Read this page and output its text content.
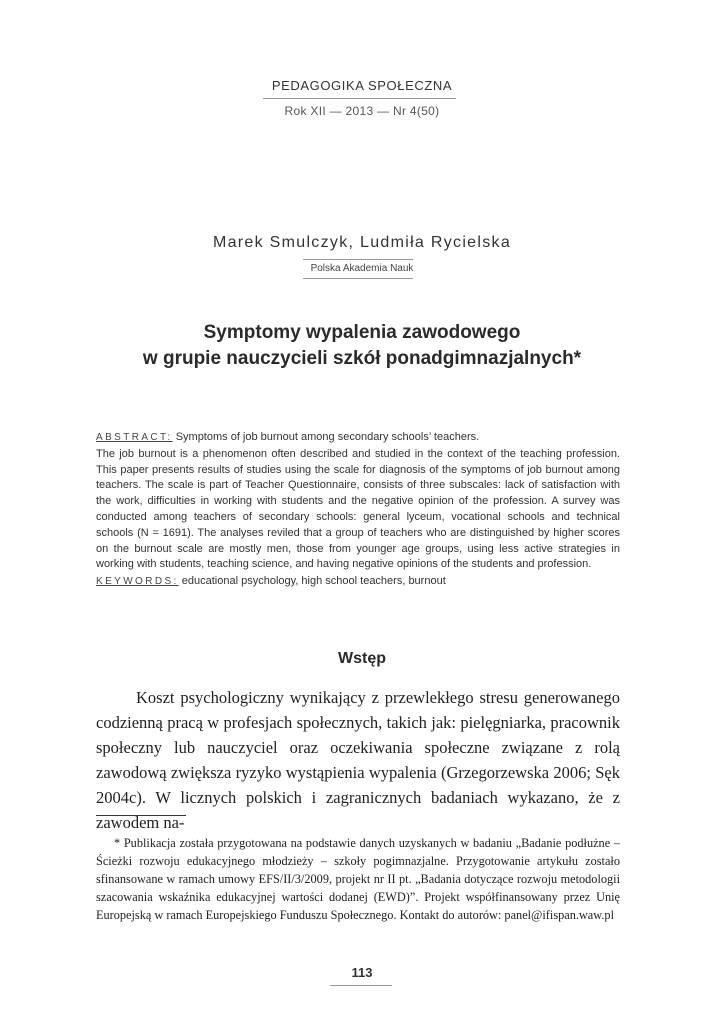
PEDAGOGIKA SPOŁECZNA
Rok XII — 2013 — Nr 4(50)
Marek Smulczyk, Ludmiła Rycielska
Polska Akademia Nauk
Symptomy wypalenia zawodowego
w grupie nauczycieli szkół ponadgimnazjalnych*

ABSTRACT: Symptoms of job burnout among secondary schools’ teachers.

The job burnout is a phenomenon often described and studied in the context of the teaching profession. This paper presents results of studies using the scale for diagnosis of the symptoms of job burnout among teachers. The scale is part of Teacher Questionnaire, consists of three subscales: lack of satisfaction with the work, difficulties in working with students and the negative opinion of the profession. A survey was conducted among teachers of secondary schools: general lyceum, vocational schools and technical schools (N = 1691). The analyses reviled that a group of teachers who are distinguished by higher scores on the burnout scale are mostly men, those from younger age groups, using less active strategies in working with students, teaching science, and having negative opinions of the students and profession.

KEYWORDS: educational psychology, high school teachers, burnout

Wstęp

Koszt psychologiczny wynikający z przewlekłego stresu generowanego codzienną pracą w profesjach społecznych, takich jak: pielęgniarka, pracownik społeczny lub nauczyciel oraz oczekiwania społeczne związane z rolą zawodową zwiększa ryzyko wystąpienia wypalenia (Grzegorzewska 2006; Sęk 2004c). W licznych polskich i zagranicznych badaniach wykazano, że z zawodem na-

* Publikacja została przygotowana na podstawie danych uzyskanych w badaniu „Badanie podłużne – Ścieżki rozwoju edukacyjnego młodzieży – szkoły pogimnazjalne. Przygotowanie artykułu zostało sfinansowane w ramach umowy EFS/II/3/2009, projekt nr II pt. „Badania dotyczące rozwoju metodologii szacowania wskaźnika edukacyjnej wartości dodanej (EWD)”. Projekt współfinansowany przez Unię Europejską w ramach Europejskiego Funduszu Społecznego. Kontakt do autorów: panel@ifispan.waw.pl

113
